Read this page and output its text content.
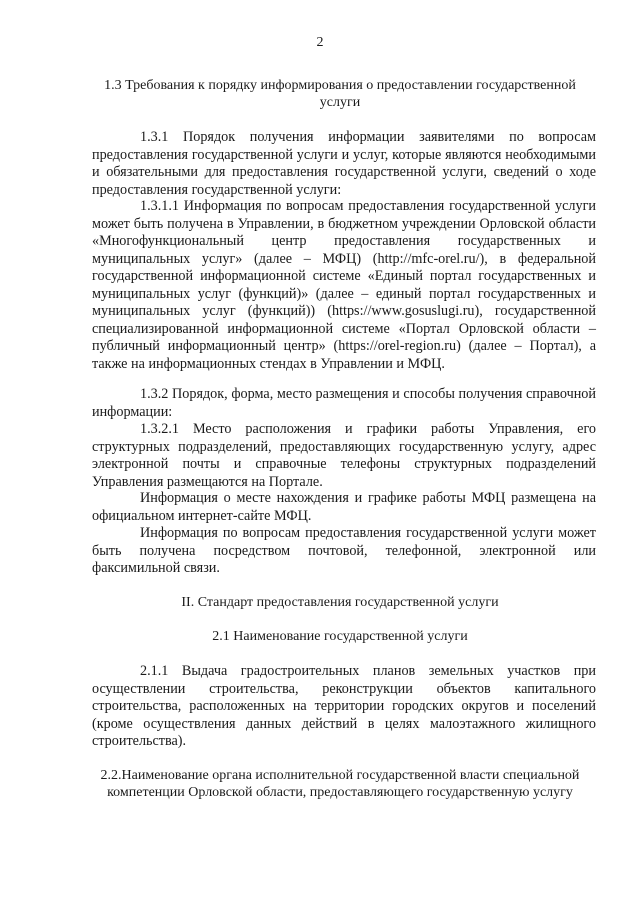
2
1.3 Требования к порядку информирования о предоставлении государственной услуги

1.3.1 Порядок получения информации заявителями по вопросам предоставления государственной услуги и услуг, которые являются необходимыми и обязательными для предоставления государственной услуги, сведений о ходе предоставления государственной услуги:

1.3.1.1 Информация по вопросам предоставления государственной услуги может быть получена в Управлении, в бюджетном учреждении Орловской области «Многофункциональный центр предоставления государственных и муниципальных услуг» (далее – МФЦ) (http://mfc-orel.ru/), в федеральной государственной информационной системе «Единый портал государственных и муниципальных услуг (функций)» (далее – единый портал государственных и муниципальных услуг (функций)) (https://www.gosuslugi.ru), государственной специализированной информационной системе «Портал Орловской области – публичный информационный центр» (https://orel-region.ru) (далее – Портал), а также на информационных стендах в Управлении и МФЦ.

1.3.2 Порядок, форма, место размещения и способы получения справочной информации:

1.3.2.1 Место расположения и графики работы Управления, его структурных подразделений, предоставляющих государственную услугу, адрес электронной почты и справочные телефоны структурных подразделений Управления размещаются на Портале.

Информация о месте нахождения и графике работы МФЦ размещена на официальном интернет-сайте МФЦ.

Информация по вопросам предоставления государственной услуги может быть получена посредством почтовой, телефонной, электронной или факсимильной связи.

II. Стандарт предоставления государственной услуги
2.1 Наименование государственной услуги

2.1.1 Выдача градостроительных планов земельных участков при осуществлении строительства, реконструкции объектов капитального строительства, расположенных на территории городских округов и поселений (кроме осуществления данных действий в целях малоэтажного жилищного строительства).

2.2.Наименование органа исполнительной государственной власти специальной компетенции Орловской области, предоставляющего государственную услугу
